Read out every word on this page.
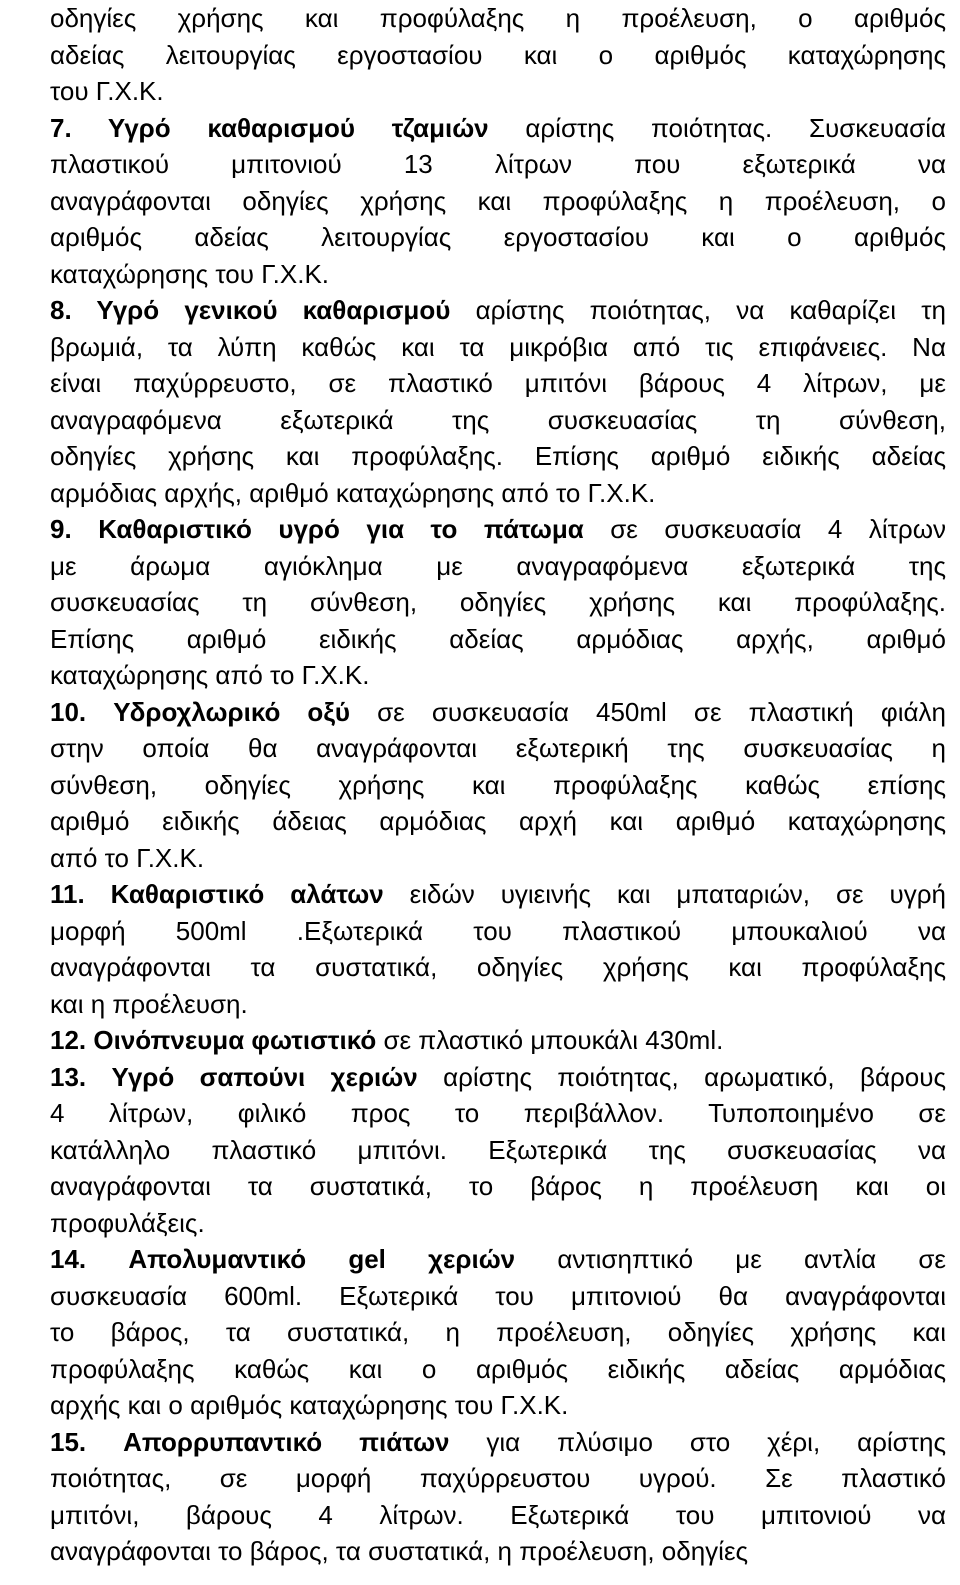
οδηγίες χρήσης και προφύλαξης η προέλευση, ο αριθμός
αδείας λειτουργίας εργοστασίου και ο αριθμός καταχώρησης
του Γ.Χ.Κ.
7. Υγρό καθαρισμού τζαμιών αρίστης ποιότητας. Συσκευασία
πλαστικού μπιτονιού 13 λίτρων που εξωτερικά να
αναγράφονται οδηγίες χρήσης και προφύλαξης η προέλευση, ο
αριθμός αδείας λειτουργίας εργοστασίου και ο αριθμός
καταχώρησης του Γ.Χ.Κ.
8. Υγρό γενικού καθαρισμού αρίστης ποιότητας, να καθαρίζει τη
βρωμιά, τα λύπη καθώς και τα μικρόβια από τις επιφάνειες. Να
είναι παχύρρευστο, σε πλαστικό μπιτόνι βάρους 4 λίτρων, με
αναγραφόμενα εξωτερικά της συσκευασίας τη σύνθεση,
οδηγίες χρήσης και προφύλαξης. Επίσης αριθμό ειδικής αδείας
αρμόδιας αρχής, αριθμό καταχώρησης από το Γ.Χ.Κ.
9. Καθαριστικό υγρό για το πάτωμα σε συσκευασία 4 λίτρων
με άρωμα αγιόκλημα με αναγραφόμενα εξωτερικά της
συσκευασίας τη σύνθεση, οδηγίες χρήσης και προφύλαξης.
Επίσης αριθμό ειδικής αδείας αρμόδιας αρχής, αριθμό
καταχώρησης από το Γ.Χ.Κ.
10. Υδροχλωρικό οξύ σε συσκευασία 450ml σε πλαστική φιάλη
στην οποία θα αναγράφονται εξωτερική της συσκευασίας η
σύνθεση, οδηγίες χρήσης και προφύλαξης καθώς επίσης
αριθμό ειδικής άδειας αρμόδιας αρχή και αριθμό καταχώρησης
από το Γ.Χ.Κ.
11. Καθαριστικό αλάτων ειδών υγιεινής και μπαταριών, σε υγρή
μορφή 500ml .Εξωτερικά του πλαστικού μπουκαλιού να
αναγράφονται τα συστατικά, οδηγίες χρήσης και προφύλαξης
και η προέλευση.
12. Οινόπνευμα φωτιστικό σε πλαστικό μπουκάλι 430ml.
13. Υγρό σαπούνι χεριών αρίστης ποιότητας, αρωματικό, βάρους
4 λίτρων, φιλικό προς το περιβάλλον. Τυποποιημένο σε
κατάλληλο πλαστικό μπιτόνι. Εξωτερικά της συσκευασίας να
αναγράφονται τα συστατικά, το βάρος η προέλευση και οι
προφυλάξεις.
14. Απολυμαντικό gel χεριών αντισηπτικό με αντλία σε
συσκευασία 600ml. Εξωτερικά του μπιτονιού θα αναγράφονται
το βάρος, τα συστατικά, η προέλευση, οδηγίες χρήσης και
προφύλαξης καθώς και ο αριθμός ειδικής αδείας αρμόδιας
αρχής και ο αριθμός καταχώρησης του Γ.Χ.Κ.
15. Απορρυπαντικό πιάτων για πλύσιμο στο χέρι, αρίστης
ποιότητας, σε μορφή παχύρρευστου υγρού. Σε πλαστικό
μπιτόνι, βάρους 4 λίτρων. Εξωτερικά του μπιτονιού να
αναγράφονται το βάρος, τα συστατικά, η προέλευση, οδηγίες
